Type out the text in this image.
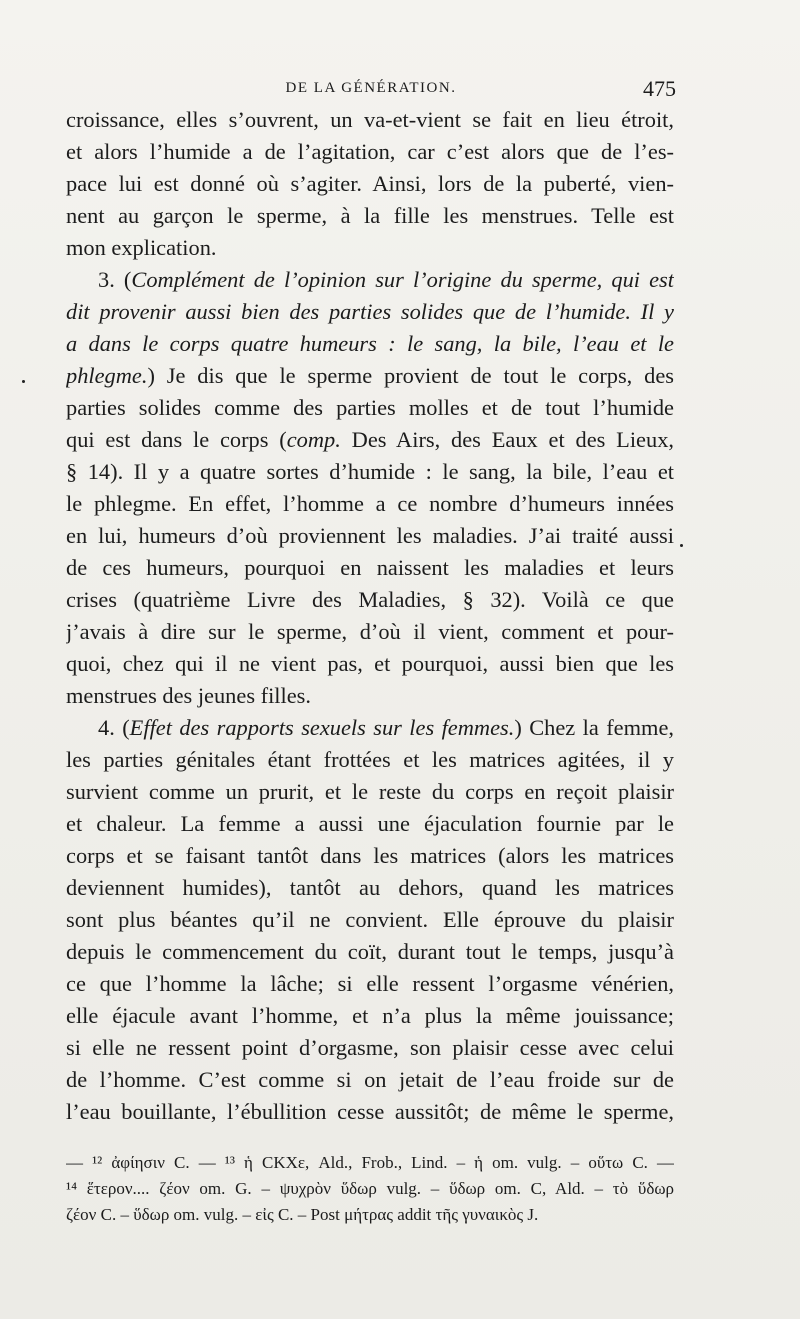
DE LA GÉNÉRATION.	475
croissance, elles s’ouvrent, un va-et-vient se fait en lieu étroit,
et alors l’humide a de l’agitation, car c’est alors que de l’es-
pace lui est donné où s’agiter. Ainsi, lors de la puberté, vien-
nent au garçon le sperme, à la fille les menstrues. Telle est
mon explication.
3. (Complément de l’opinion sur l’origine du sperme, qui est
dit provenir aussi bien des parties solides que de l’humide. Il y
a dans le corps quatre humeurs : le sang, la bile, l’eau et le
phlegme.) Je dis que le sperme provient de tout le corps, des
parties solides comme des parties molles et de tout l’humide
qui est dans le corps (comp. Des Airs, des Eaux et des Lieux,
§ 14). Il y a quatre sortes d’humide : le sang, la bile, l’eau et
le phlegme. En effet, l’homme a ce nombre d’humeurs innées
en lui, humeurs d’où proviennent les maladies. J’ai traité aussi
de ces humeurs, pourquoi en naissent les maladies et leurs
crises (quatrième Livre des Maladies, § 32). Voilà ce que
j’avais à dire sur le sperme, d’où il vient, comment et pour-
quoi, chez qui il ne vient pas, et pourquoi, aussi bien que les
menstrues des jeunes filles.
4. (Effet des rapports sexuels sur les femmes.) Chez la femme,
les parties génitales étant frottées et les matrices agitées, il y
survient comme un prurit, et le reste du corps en reçoit plaisir
et chaleur. La femme a aussi une éjaculation fournie par le
corps et se faisant tantôt dans les matrices (alors les matrices
deviennent humides), tantôt au dehors, quand les matrices
sont plus béantes qu’il ne convient. Elle éprouve du plaisir
depuis le commencement du coït, durant tout le temps, jusqu’à
ce que l’homme la lâche; si elle ressent l’orgasme vénérien,
elle éjacule avant l’homme, et n’a plus la même jouissance;
si elle ne ressent point d’orgasme, son plaisir cesse avec celui
de l’homme. C’est comme si on jetait de l’eau froide sur de
l’eau bouillante, l’ébullition cesse aussitôt; de même le sperme,
— ¹² ἀφίησιν C. — ¹³ ἡ CKXε, Ald., Frob., Lind. – ἡ om. vulg. – οὕτω C. —
¹⁴ ἕτερον.... ζέον om. G. – ψυχρὸν ὕδωρ vulg. – ὕδωρ om. C, Ald. – τὸ ὕδωρ
ζέον C. – ὕδωρ om. vulg. – εἰς C. – Post μήτρας addit τῆς γυναικὸς J.
